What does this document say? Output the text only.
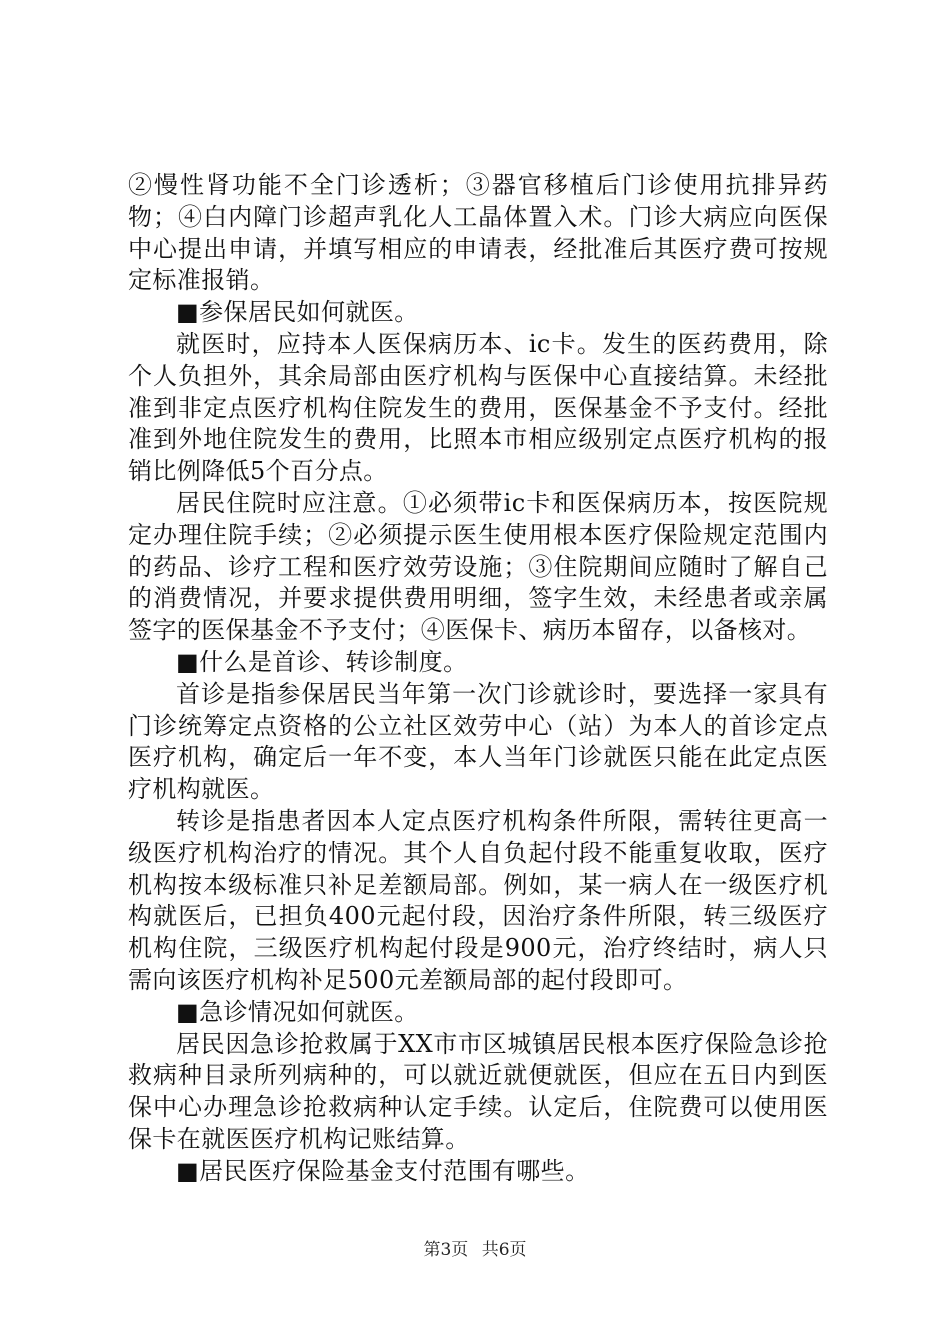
②慢性肾功能不全门诊透析；③器官移植后门诊使用抗排异药物；④白内障门诊超声乳化人工晶体置入术。门诊大病应向医保中心提出申请，并填写相应的申请表，经批准后其医疗费可按规定标准报销。

■参保居民如何就医。

就医时，应持本人医保病历本、ic卡。发生的医药费用，除个人负担外，其余局部由医疗机构与医保中心直接结算。未经批准到非定点医疗机构住院发生的费用，医保基金不予支付。经批准到外地住院发生的费用，比照本市相应级别定点医疗机构的报销比例降低5个百分点。

居民住院时应注意。①必须带ic卡和医保病历本，按医院规定办理住院手续；②必须提示医生使用根本医疗保险规定范围内的药品、诊疗工程和医疗效劳设施；③住院期间应随时了解自己的消费情况，并要求提供费用明细，签字生效，未经患者或亲属签字的医保基金不予支付；④医保卡、病历本留存，以备核对。

■什么是首诊、转诊制度。

首诊是指参保居民当年第一次门诊就诊时，要选择一家具有门诊统筹定点资格的公立社区效劳中心（站）为本人的首诊定点医疗机构，确定后一年不变，本人当年门诊就医只能在此定点医疗机构就医。

转诊是指患者因本人定点医疗机构条件所限，需转往更高一级医疗机构治疗的情况。其个人自负起付段不能重复收取，医疗机构按本级标准只补足差额局部。例如，某一病人在一级医疗机构就医后，已担负400元起付段，因治疗条件所限，转三级医疗机构住院，三级医疗机构起付段是900元，治疗终结时，病人只需向该医疗机构补足500元差额局部的起付段即可。

■急诊情况如何就医。

居民因急诊抢救属于XX市市区城镇居民根本医疗保险急诊抢救病种目录所列病种的，可以就近就便就医，但应在五日内到医保中心办理急诊抢救病种认定手续。认定后，住院费可以使用医保卡在就医医疗机构记账结算。

■居民医疗保险基金支付范围有哪些。

第3页 共6页
